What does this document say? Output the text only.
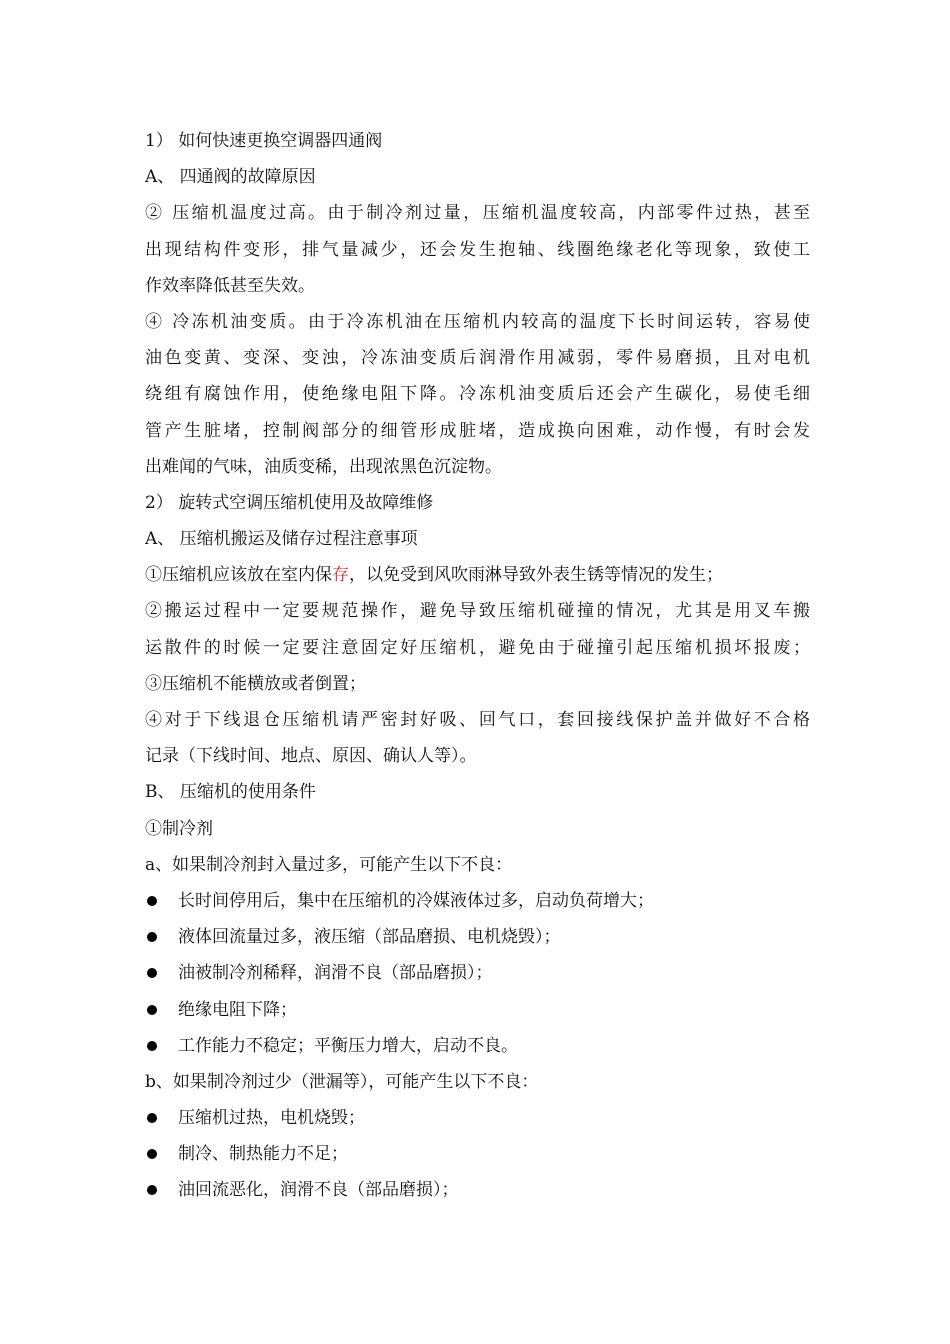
1） 如何快速更换空调器四通阀
A、 四通阀的故障原因
② 压缩机温度过高。由于制冷剂过量，压缩机温度较高，内部零件过热，甚至
出现结构件变形，排气量减少，还会发生抱轴、线圈绝缘老化等现象，致使工
作效率降低甚至失效。
④ 冷冻机油变质。由于冷冻机油在压缩机内较高的温度下长时间运转，容易使
油色变黄、变深、变浊，冷冻油变质后润滑作用减弱，零件易磨损，且对电机
绕组有腐蚀作用，使绝缘电阻下降。冷冻机油变质后还会产生碳化，易使毛细
管产生脏堵，控制阀部分的细管形成脏堵，造成换向困难，动作慢，有时会发
出难闻的气味，油质变稀，出现浓黑色沉淀物。
2） 旋转式空调压缩机使用及故障维修
A、 压缩机搬运及储存过程注意事项
①压缩机应该放在室内保存，以免受到风吹雨淋导致外表生锈等情况的发生；
②搬运过程中一定要规范操作，避免导致压缩机碰撞的情况，尤其是用叉车搬
运散件的时候一定要注意固定好压缩机，避免由于碰撞引起压缩机损坏报废；
③压缩机不能横放或者倒置；
④对于下线退仓压缩机请严密封好吸、回气口，套回接线保护盖并做好不合格
记录（下线时间、地点、原因、确认人等）。
B、 压缩机的使用条件
①制冷剂
a、如果制冷剂封入量过多，可能产生以下不良：
长时间停用后，集中在压缩机的冷媒液体过多，启动负荷增大；
液体回流量过多，液压缩（部品磨损、电机烧毁）；
油被制冷剂稀释，润滑不良（部品磨损）；
绝缘电阻下降；
工作能力不稳定；平衡压力增大，启动不良。
b、如果制冷剂过少（泄漏等），可能产生以下不良：
压缩机过热，电机烧毁；
制冷、制热能力不足；
油回流恶化，润滑不良（部品磨损）；
